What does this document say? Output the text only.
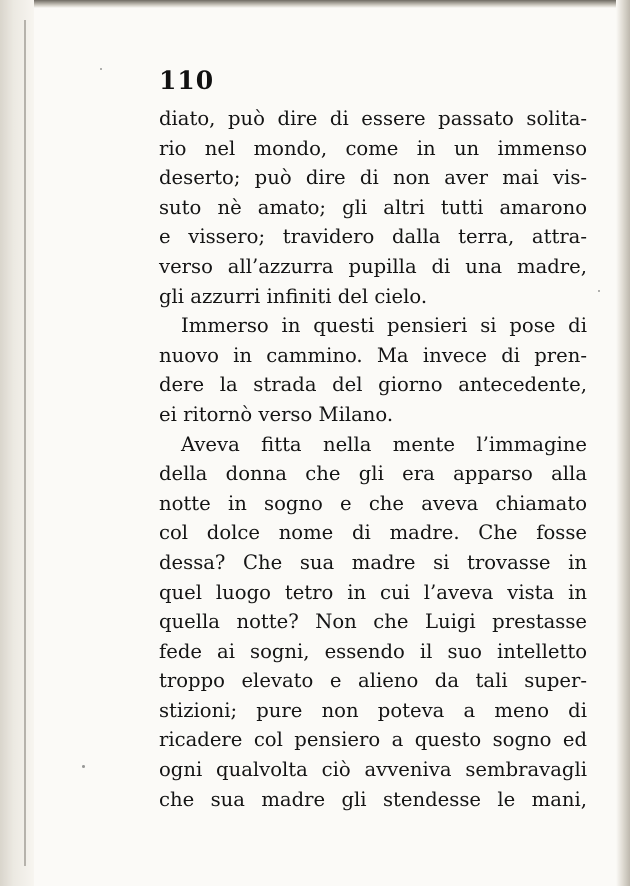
110
diato, può dire di essere passato solita-
rio nel mondo, come in un immenso
deserto; può dire di non aver mai vis-
suto nè amato; gli altri tutti amarono
e vissero; travidero dalla terra, attra-
verso all’azzurra pupilla di una madre,
gli azzurri infiniti del cielo.
Immerso in questi pensieri si pose di
nuovo in cammino. Ma invece di pren-
dere la strada del giorno antecedente,
ei ritornò verso Milano.
Aveva fitta nella mente l’immagine
della donna che gli era apparso alla
notte in sogno e che aveva chiamato
col dolce nome di madre. Che fosse
dessa? Che sua madre si trovasse in
quel luogo tetro in cui l’aveva vista in
quella notte? Non che Luigi prestasse
fede ai sogni, essendo il suo intelletto
troppo elevato e alieno da tali super-
stizioni; pure non poteva a meno di
ricadere col pensiero a questo sogno ed
ogni qualvolta ciò avveniva sembravagli
che sua madre gli stendesse le mani,
